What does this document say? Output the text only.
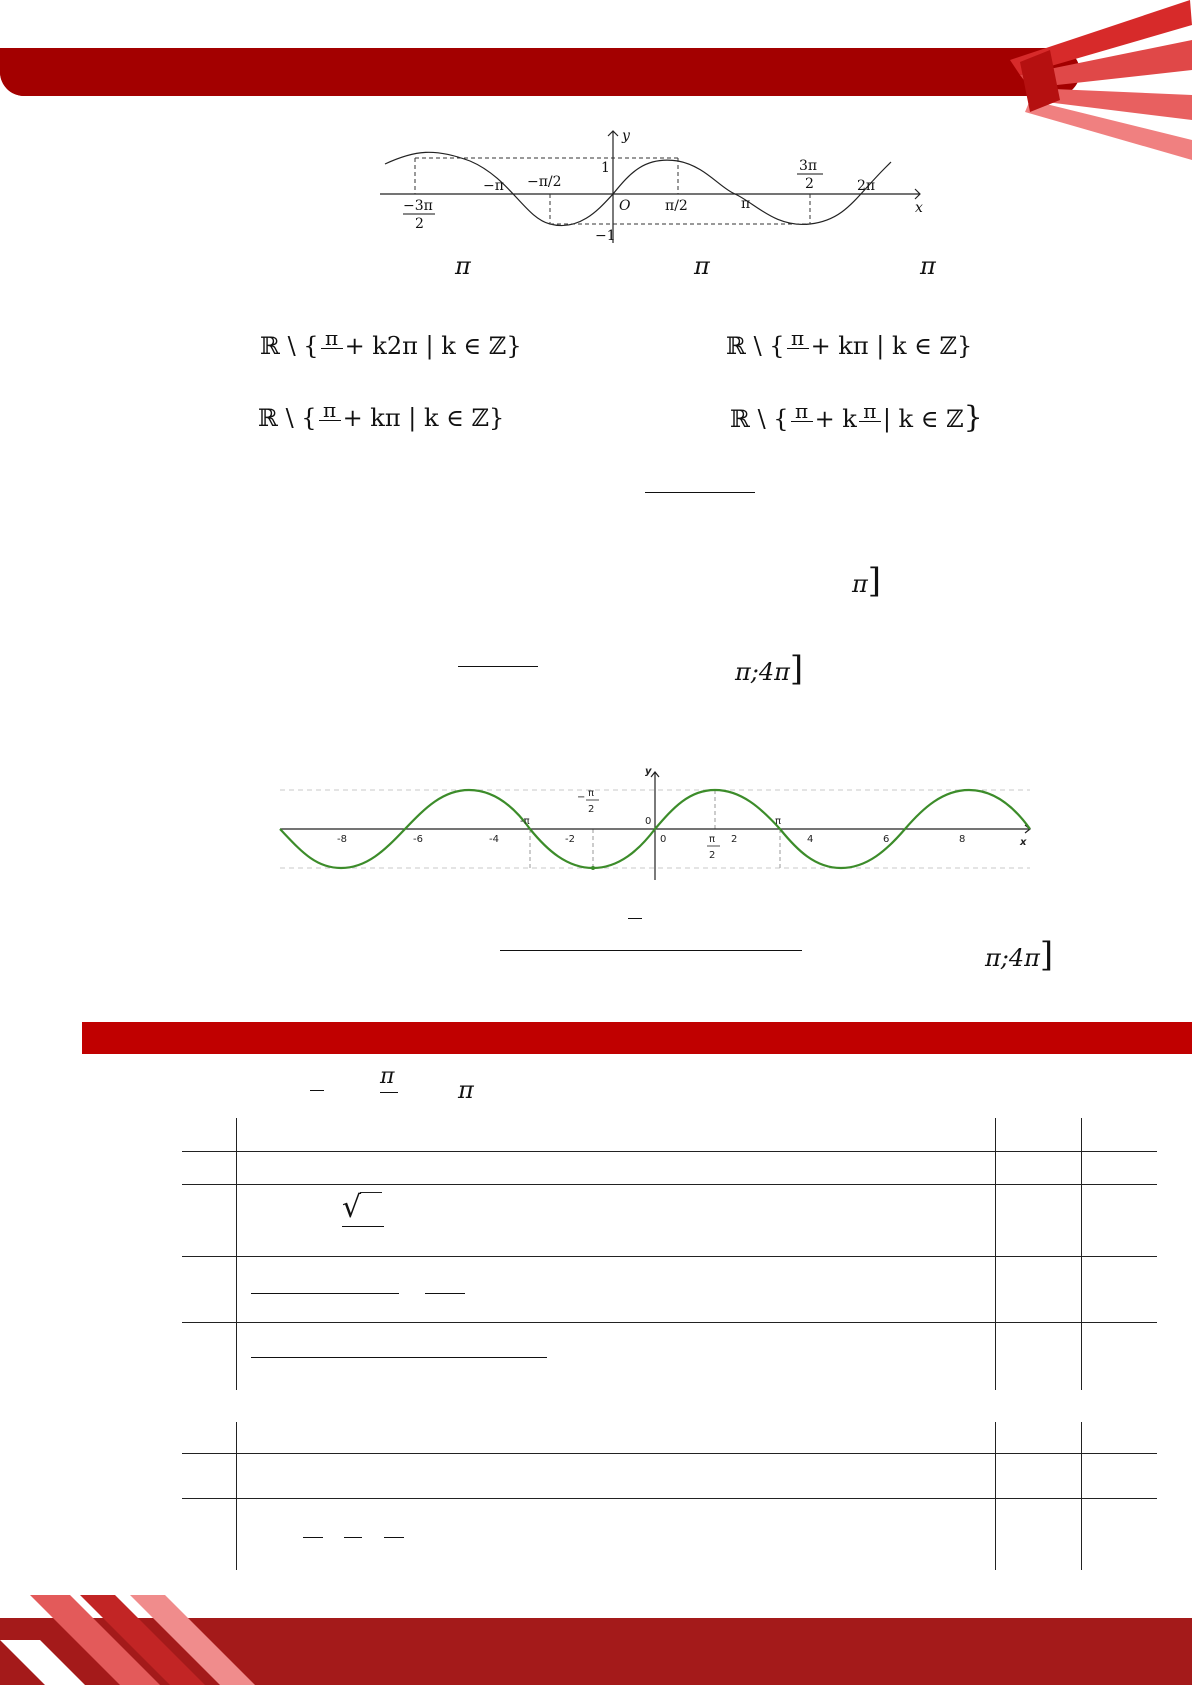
y
x
O
1
−1
−π −π/2
π/2	π
2π
−3π
2
3π
2
π	π	π
ℝ \ { π + k2π | k ∈ ℤ}	ℝ \ { π + kπ | k ∈ ℤ}
ℝ \ { π + kπ | k ∈ ℤ}	ℝ \ { π + k π | k ∈ ℤ}
π]
π;4π]
y
x
0
0
-π	π
-8	-6	-4	-2	2	4	6	8
− π
2
π
2
π;4π]
π	π
√
